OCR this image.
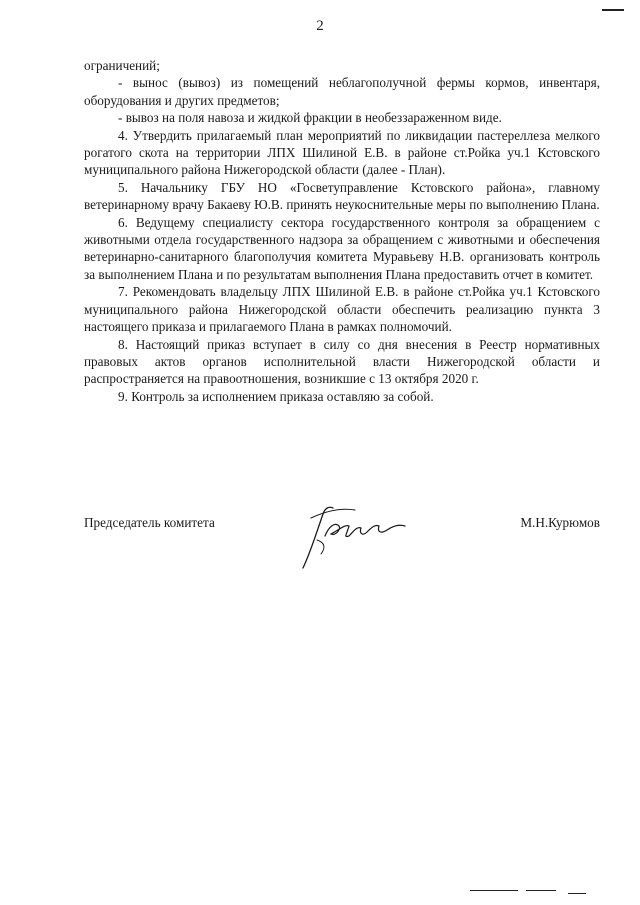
2

ограничений;

- вынос (вывоз) из помещений неблагополучной фермы кормов, инвентаря, оборудования и других предметов;

- вывоз на поля навоза и жидкой фракции в необеззараженном виде.

4. Утвердить прилагаемый план мероприятий по ликвидации пастереллеза мелкого рогатого скота на территории ЛПХ Шилиной Е.В. в районе ст.Ройка уч.1 Кстовского муниципального района Нижегородской области (далее - План).

5. Начальнику ГБУ НО «Госветуправление Кстовского района», главному ветеринарному врачу Бакаеву Ю.В. принять неукоснительные меры по выполнению Плана.

6. Ведущему специалисту сектора государственного контроля за обращением с животными отдела государственного надзора за обращением с животными и обеспечения ветеринарно-санитарного благополучия комитета Муравьеву Н.В. организовать контроль за выполнением Плана и по результатам выполнения Плана предоставить отчет в комитет.

7. Рекомендовать владельцу ЛПХ Шилиной Е.В. в районе ст.Ройка уч.1 Кстовского муниципального района Нижегородской области обеспечить реализацию пункта 3 настоящего приказа и прилагаемого Плана в рамках полномочий.

8. Настоящий приказ вступает в силу со дня внесения в Реестр нормативных правовых актов органов исполнительной власти Нижегородской области и распространяется на правоотношения, возникшие с 13 октября 2020 г.

9. Контроль за исполнением приказа оставляю за собой.

Председатель комитета	М.Н.Курюмов
